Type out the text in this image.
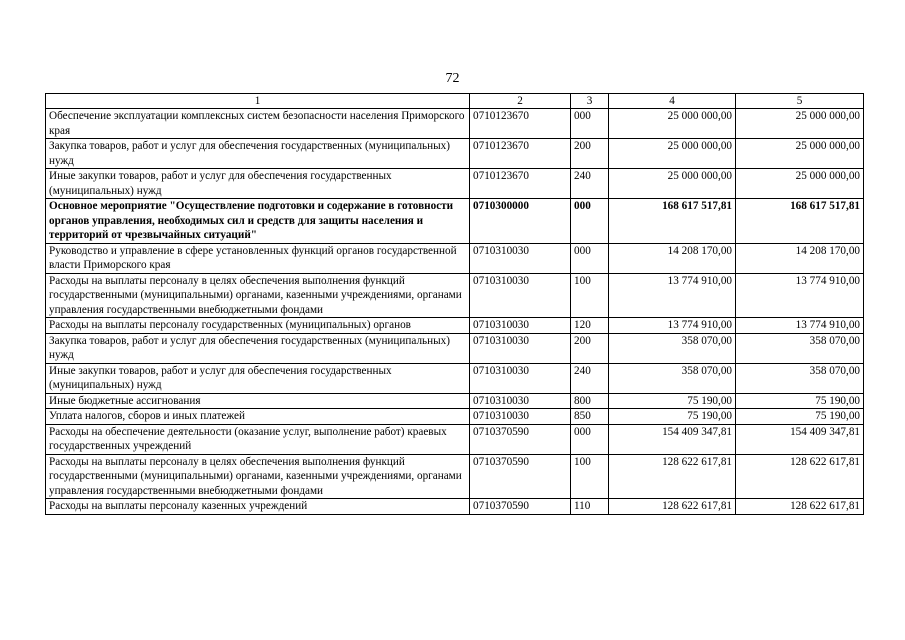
72
1	2	3	4	5
Обеспечение эксплуатации комплексных систем безопасности населения Приморского края	0710123670	000	25 000 000,00	25 000 000,00
Закупка товаров, работ и услуг для обеспечения государственных (муниципальных) нужд	0710123670	200	25 000 000,00	25 000 000,00
Иные закупки товаров, работ и услуг для обеспечения государственных (муниципальных) нужд	0710123670	240	25 000 000,00	25 000 000,00
Основное мероприятие "Осуществление подготовки и содержание в готовности органов управления, необходимых сил и средств для защиты населения и территорий от чрезвычайных ситуаций"	0710300000	000	168 617 517,81	168 617 517,81
Руководство и управление в сфере установленных функций органов государственной власти Приморского края	0710310030	000	14 208 170,00	14 208 170,00
Расходы на выплаты персоналу в целях обеспечения выполнения функций государственными (муниципальными) органами, казенными учреждениями, органами управления государственными внебюджетными фондами	0710310030	100	13 774 910,00	13 774 910,00
Расходы на выплаты персоналу государственных (муниципальных) органов	0710310030	120	13 774 910,00	13 774 910,00
Закупка товаров, работ и услуг для обеспечения государственных (муниципальных) нужд	0710310030	200	358 070,00	358 070,00
Иные закупки товаров, работ и услуг для обеспечения государственных (муниципальных) нужд	0710310030	240	358 070,00	358 070,00
Иные бюджетные ассигнования	0710310030	800	75 190,00	75 190,00
Уплата налогов, сборов и иных платежей	0710310030	850	75 190,00	75 190,00
Расходы на обеспечение деятельности (оказание услуг, выполнение работ) краевых государственных учреждений	0710370590	000	154 409 347,81	154 409 347,81
Расходы на выплаты персоналу в целях обеспечения выполнения функций государственными (муниципальными) органами, казенными учреждениями, органами управления государственными внебюджетными фондами	0710370590	100	128 622 617,81	128 622 617,81
Расходы на выплаты персоналу казенных учреждений	0710370590	110	128 622 617,81	128 622 617,81
